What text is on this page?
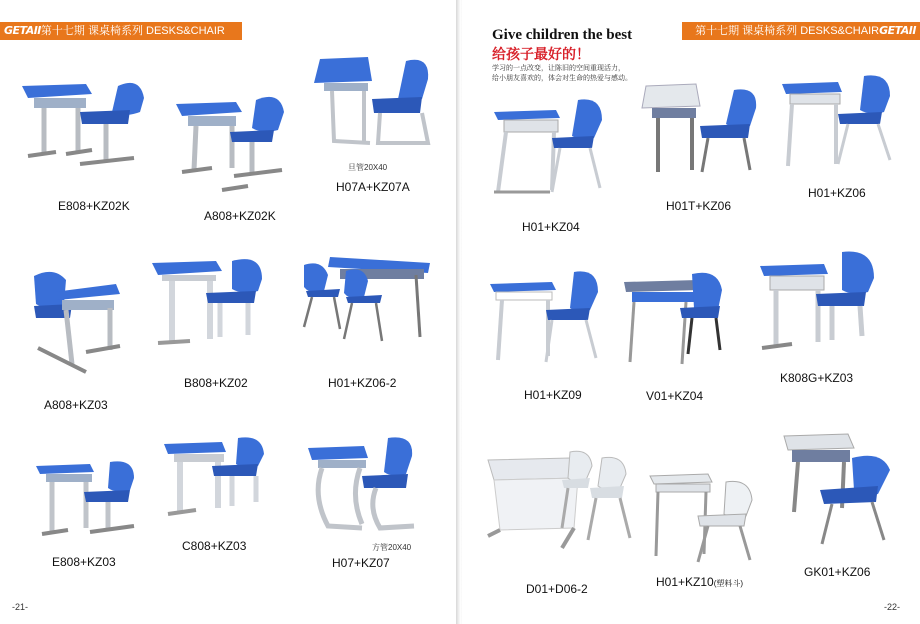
GETAII第十七期 课桌椅系列 DESKS&CHAIR
E808+KZ02K
A808+KZ02K
旦管20X40
H07A+KZ07A
A808+KZ03
B808+KZ02	H01+KZ06-2
E808+KZ03
C808+KZ03	方管20X40
H07+KZ07
-21-
Give children the best
给孩子最好的！
学习的一点改变，让陈旧的空间重现活力，
给小朋友喜欢的，体会对生命的热爱与感动。
第十七期 课桌椅系列 DESKS&CHAIRGETAII
H01+KZ04
H01T+KZ06
H01+KZ06
H01+KZ09	V01+KZ04
K808G+KZ03
D01+D06-2	H01+KZ10(塑料斗)
GK01+KZ06
-22-
